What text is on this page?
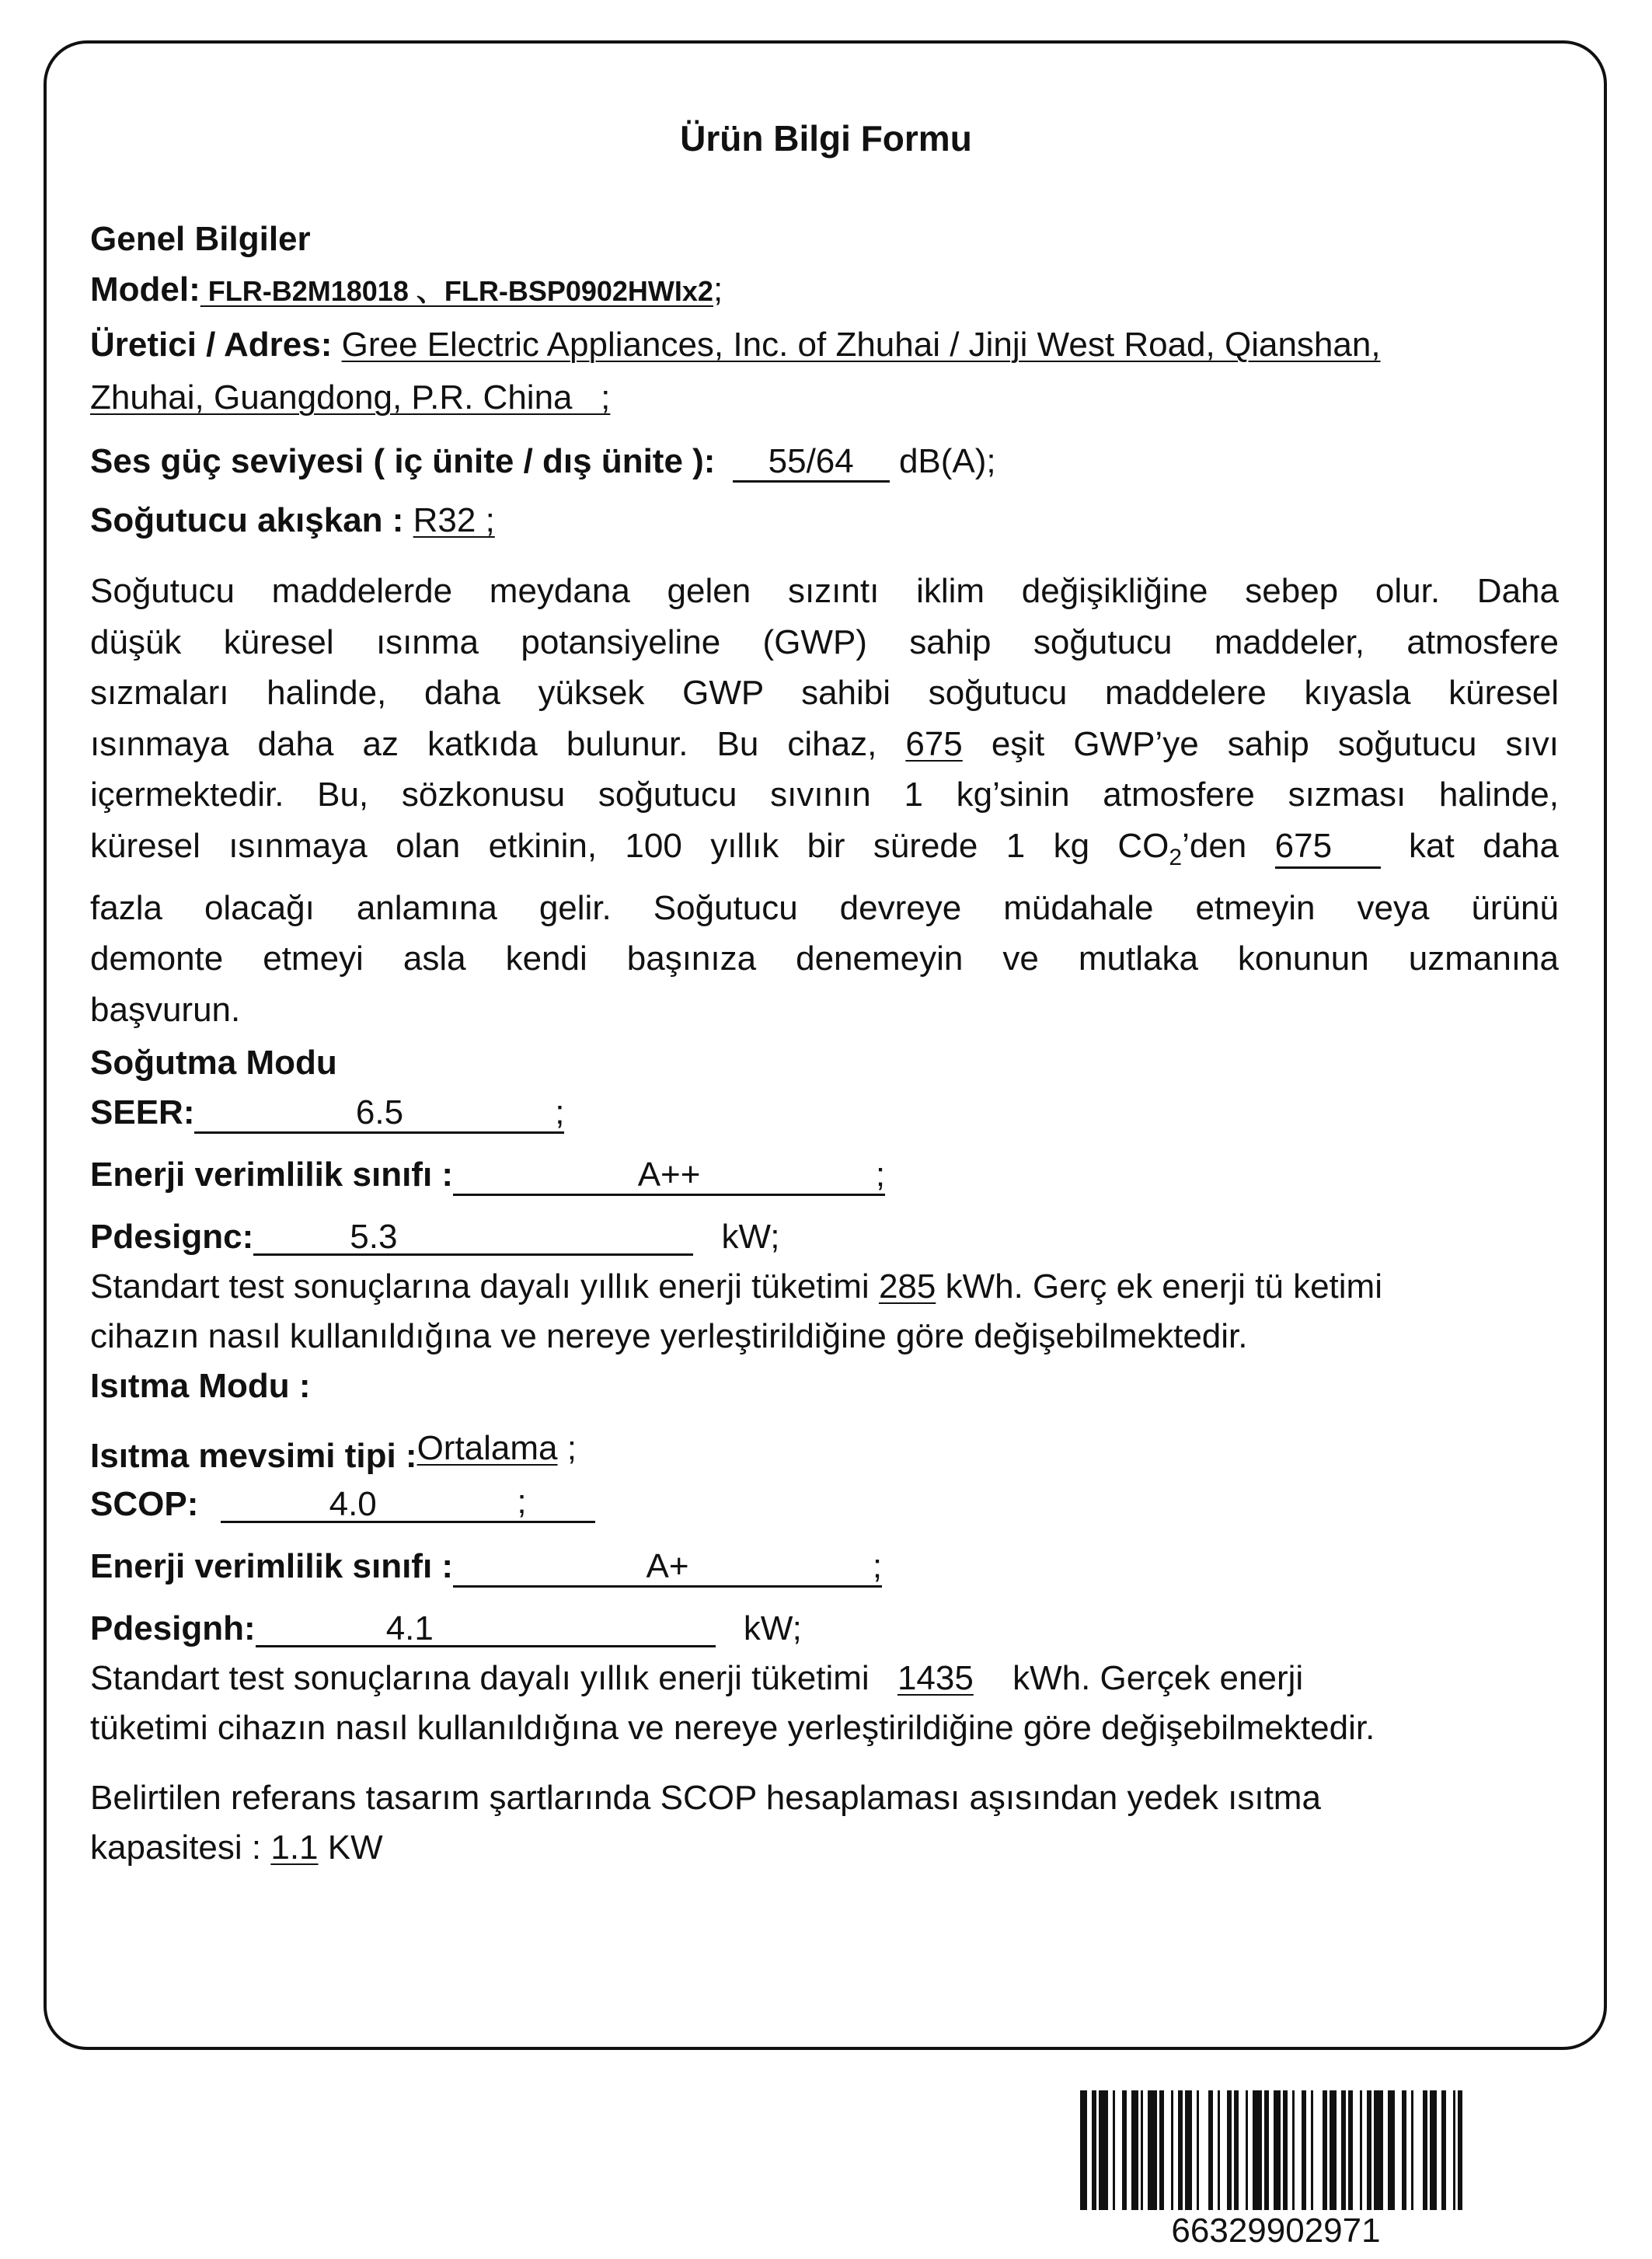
Ürün Bilgi Formu
Genel Bilgiler
Model: FLR-B2M18018 、FLR-BSP0902HWIx2;
Üretici / Adres: Gree Electric Appliances, Inc. of Zhuhai / Jinji West Road, Qianshan,
Zhuhai, Guangdong, P.R. China   ;
Ses güç seviyesi ( iç ünite / dış ünite ): 55/64 dB(A);
Soğutucu akışkan : R32 ;
Soğutucu maddelerde meydana gelen sızıntı iklim değişikliğine sebep olur. Daha
düşük küresel ısınma potansiyeline (GWP) sahip soğutucu maddeler, atmosfere
sızmaları halinde, daha yüksek GWP sahibi soğutucu maddelere kıyasla küresel
ısınmaya daha az katkıda bulunur. Bu cihaz, 675 eşit GWP’ye sahip soğutucu sıvı
içermektedir. Bu, sözkonusu soğutucu sıvının 1 kg’sinin atmosfere sızması halinde,
küresel ısınmaya olan etkinin, 100 yıllık bir sürede 1 kg $CO_2’den$ 675 kat daha
fazla olacağı anlamına gelir. Soğutucu devreye müdahale etmeyin veya ürünü
demonte etmeyi asla kendi başınıza denemeyin ve mutlaka konunun uzmanına
başvurun.
Soğutma Modu
SEER:	6.5	;
Enerji verimlilik sınıfı :	A++	;
Pdesignc:	5.3	kW;
Standart test sonuçlarına dayalı yıllık enerji tüketimi 285 kWh. Gerç ek enerji tü ketimi
cihazın nasıl kullanıldığına ve nereye yerleştirildiğine göre değişebilmektedir.
Isıtma Modu :
Isıtma mevsimi tipi :Ortalama ;
SCOP:	4.0	;
Enerji verimlilik sınıfı :	A+	;
Pdesignh:	4.1	kW;
Standart test sonuçlarına dayalı yıllık enerji tüketimi 1435 kWh. Gerçek enerji
tüketimi cihazın nasıl kullanıldığına ve nereye yerleştirildiğine göre değişebilmektedir.
Belirtilen referans tasarım şartlarında SCOP hesaplaması aşısından yedek ısıtma
kapasitesi : 1.1 KW
66329902971
